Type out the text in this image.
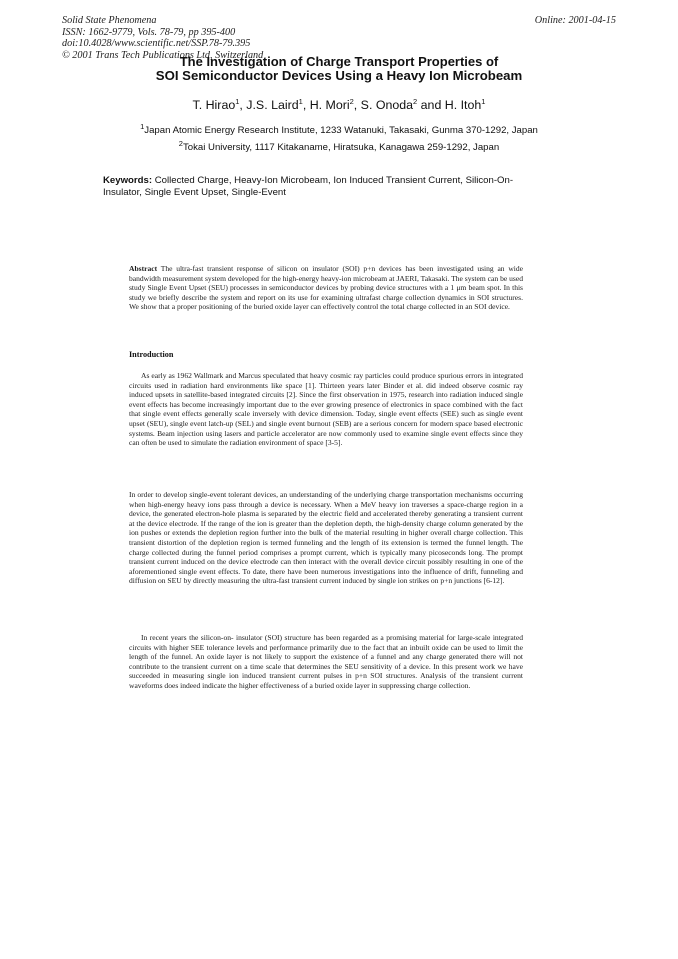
Solid State Phenomena
ISSN: 1662-9779, Vols. 78-79, pp 395-400
doi:10.4028/www.scientific.net/SSP.78-79.395
© 2001 Trans Tech Publications Ltd, Switzerland
Online: 2001-04-15
The Investigation of Charge Transport Properties of
SOI Semiconductor Devices Using a Heavy Ion Microbeam
T. Hirao$^1$, J.S. Laird$^1$, H. Mori$^2$, S. Onoda$^2$ and H. Itoh$^1$
$^1$Japan Atomic Energy Research Institute, 1233 Watanuki, Takasaki, Gunma 370-1292, Japan
$^2$Tokai University, 1117 Kitakaname, Hiratsuka, Kanagawa 259-1292, Japan
Keywords: Collected Charge, Heavy-Ion Microbeam, Ion Induced Transient Current, Silicon-On-Insulator, Single Event Upset, Single-Event

Abstract The ultra-fast transient response of silicon on insulator (SOI) p+n devices has been investigated using an wide bandwidth measurement system developed for the high-energy heavy-ion microbeam at JAERI, Takasaki. The system can be used study Single Event Upset (SEU) processes in semiconductor devices by probing device structures with a 1 μm beam spot. In this study we briefly describe the system and report on its use for examining ultrafast charge collection dynamics in SOI structures. We show that a proper positioning of the buried oxide layer can effectively control the total charge collected in an SOI device.

Introduction

As early as 1962 Wallmark and Marcus speculated that heavy cosmic ray particles could produce spurious errors in integrated circuits used in radiation hard environments like space [1]. Thirteen years later Binder et al. did indeed observe cosmic ray induced upsets in satellite-based integrated circuits [2]. Since the first observation in 1975, research into radiation induced single event effects has become increasingly important due to the ever growing presence of electronics in space combined with the fact that single event effects generally scale inversely with device dimension. Today, single event effects (SEE) such as single event upset (SEU), single event latch-up (SEL) and single event burnout (SEB) are a serious concern for modern space based electronic systems. Beam injection using lasers and particle accelerator are now commonly used to examine single event effects since they can often be used to simulate the radiation environment of space [3-5].

In order to develop single-event tolerant devices, an understanding of the underlying charge transportation mechanisms occurring when high-energy heavy ions pass through a device is necessary. When a MeV heavy ion traverses a space-charge region in a device, the generated electron-hole plasma is separated by the electric field and accelerated thereby generating a transient current at the device electrode. If the range of the ion is greater than the depletion depth, the high-density charge column generated by the ion pushes or extends the depletion region further into the bulk of the material resulting in higher overall charge collection. This transient distortion of the depletion region is termed funneling and the length of its extension is termed the funnel length. The charge collected during the funnel period comprises a prompt current, which is typically many picoseconds long. The prompt transient current induced on the device electrode can then interact with the overall device circuit possibly resulting in one of the aforementioned single event effects. To date, there have been numerous investigations into the influence of drift, funneling and diffusion on SEU by directly measuring the ultra-fast transient current induced by single ion strikes on p+n junctions [6-12].

In recent years the silicon-on- insulator (SOI) structure has been regarded as a promising material for large-scale integrated circuits with higher SEE tolerance levels and performance primarily due to the fact that an inbuilt oxide can be used to limit the length of the funnel. An oxide layer is not likely to support the existence of a funnel and any charge generated there will not contribute to the transient current on a time scale that determines the SEU sensitivity of a device. In this present work we have succeeded in measuring single ion induced transient current pulses in p+n SOI structures. Analysis of the transient current waveforms does indeed indicate the higher effectiveness of a buried oxide layer in suppressing charge collection.
